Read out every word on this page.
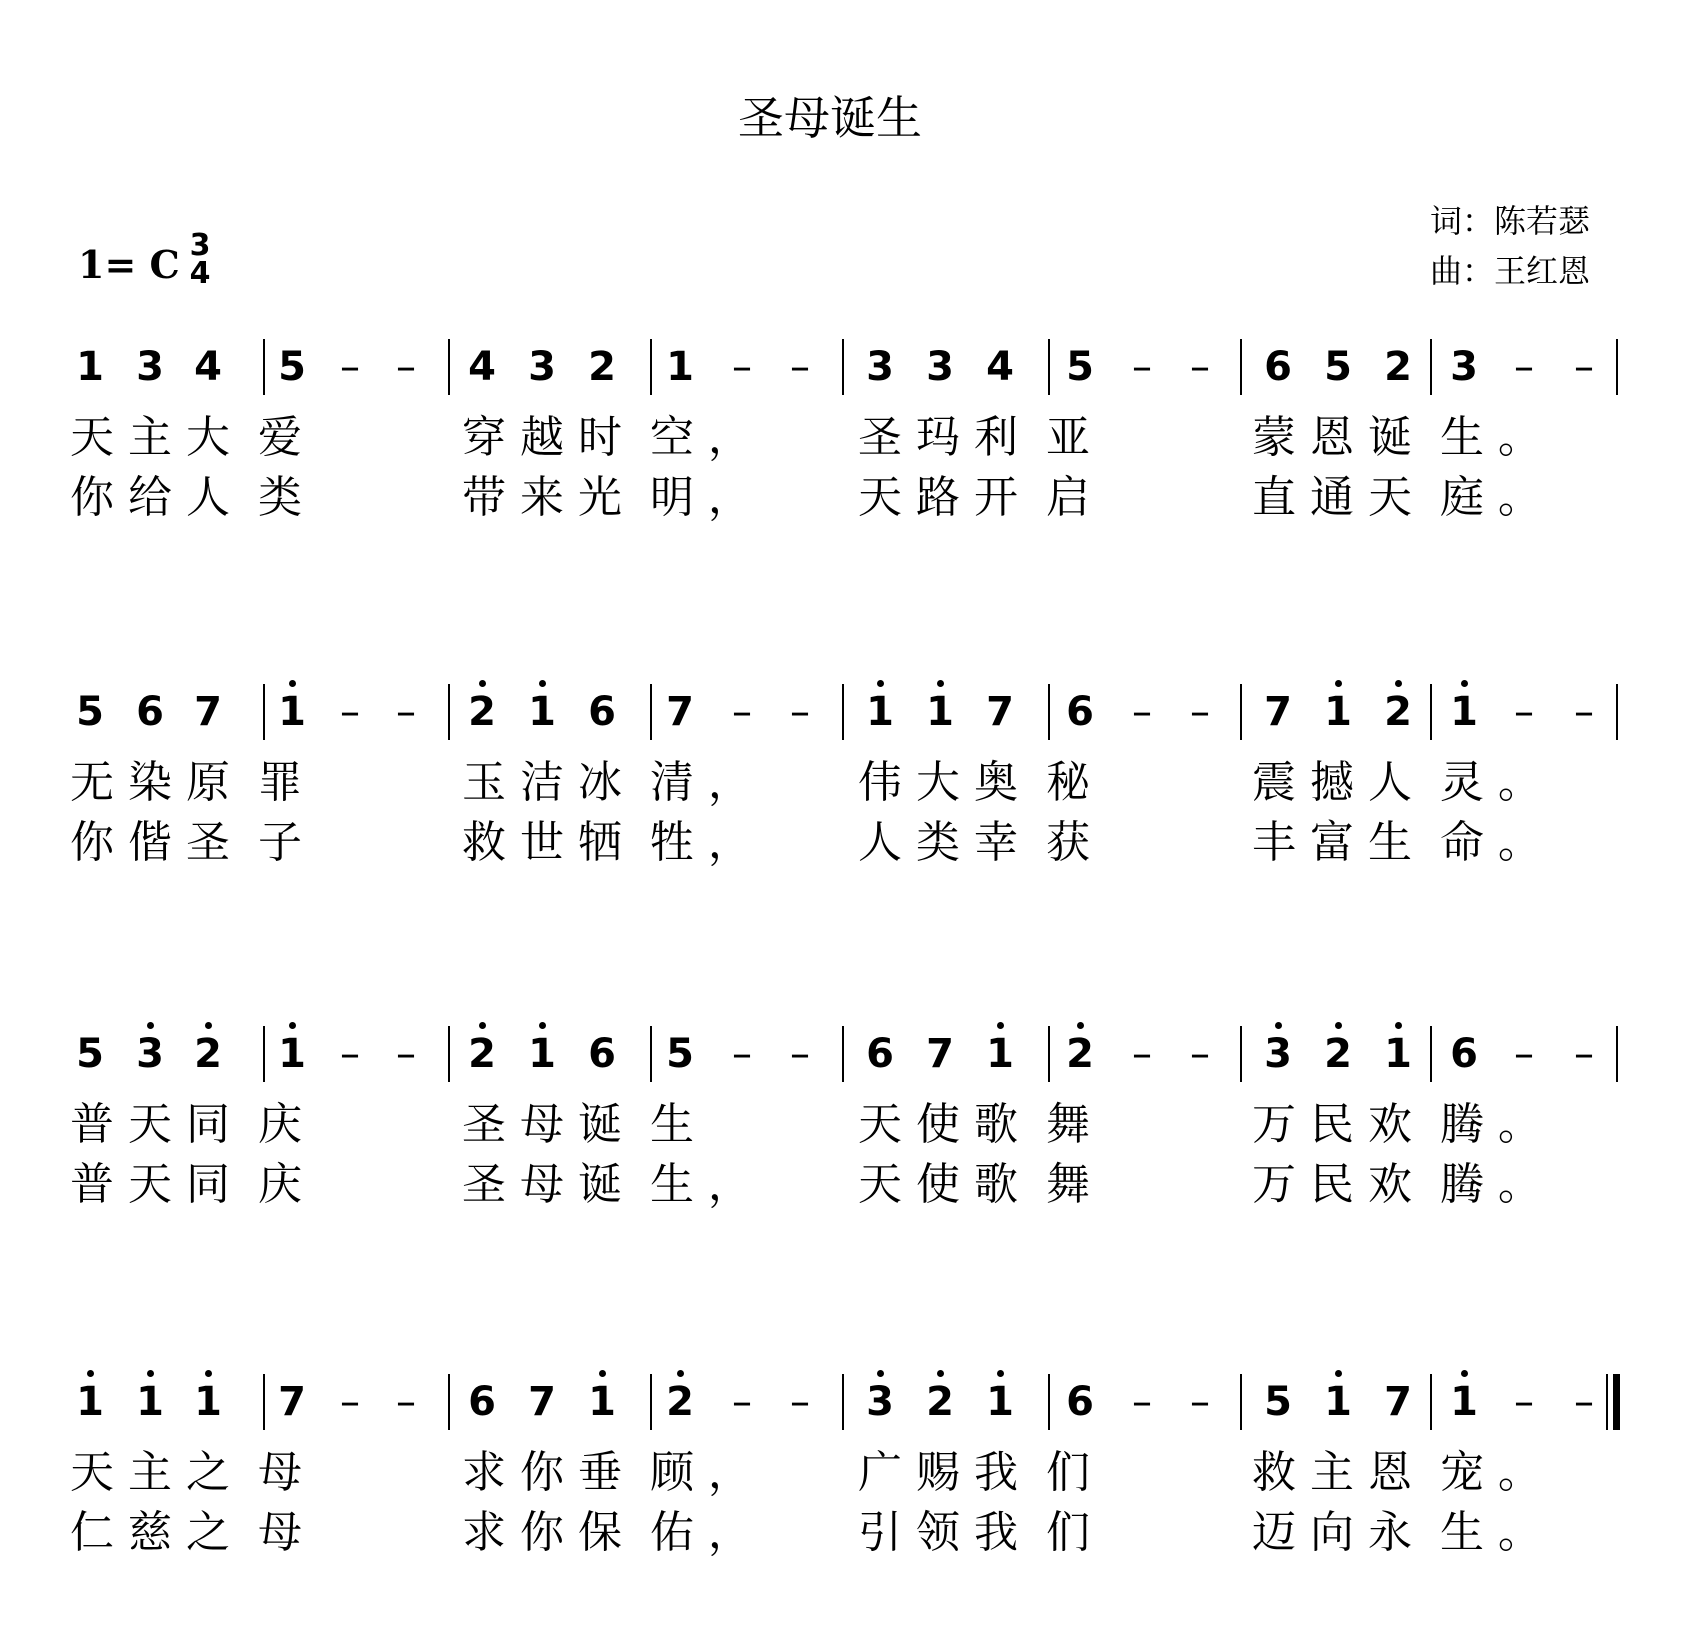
圣母诞生
词：陈若瑟
曲：王红恩
1= C 3
4
1 3 4 5 – –	4 3 2 1 – –	3 3 4 5 – –	6 5 2 3 –	–
天 主 大  爱	穿 越 时  空 ， 圣 玛 利  亚	蒙 恩 诞  生 。
你 给 人  类	带 来 光  明 ， 天 路 开  启	直 通 天  庭 。
5 6 7 1 – –	2 1 6 7 – –	1 1 7 6 – –	7 1 2 1 –	–
无 染 原  罪	玉 洁 冰  清 ， 伟 大 奥  秘	震 撼 人  灵 。
你 偕 圣  子	救 世 牺  牲 ， 人 类 幸  获	丰 富 生  命 。
5 3 2 1 – –	2 1 6 5 – –	6 7 1 2 – –	3 2 1 6 –	–
普 天 同  庆	圣 母 诞  生	天 使 歌  舞	万 民 欢  腾 。
普 天 同  庆	圣 母 诞  生 ， 天 使 歌  舞	万 民 欢  腾 。
1 1 1 7 – –	6 7 1 2 – –	3 2 1 6 – –	5 1 7 1 –	–
天 主 之  母	求 你 垂  顾 ， 广 赐 我  们	救 主 恩  宠 。
仁 慈 之  母	求 你 保  佑 ， 引 领 我  们	迈 向 永  生 。
